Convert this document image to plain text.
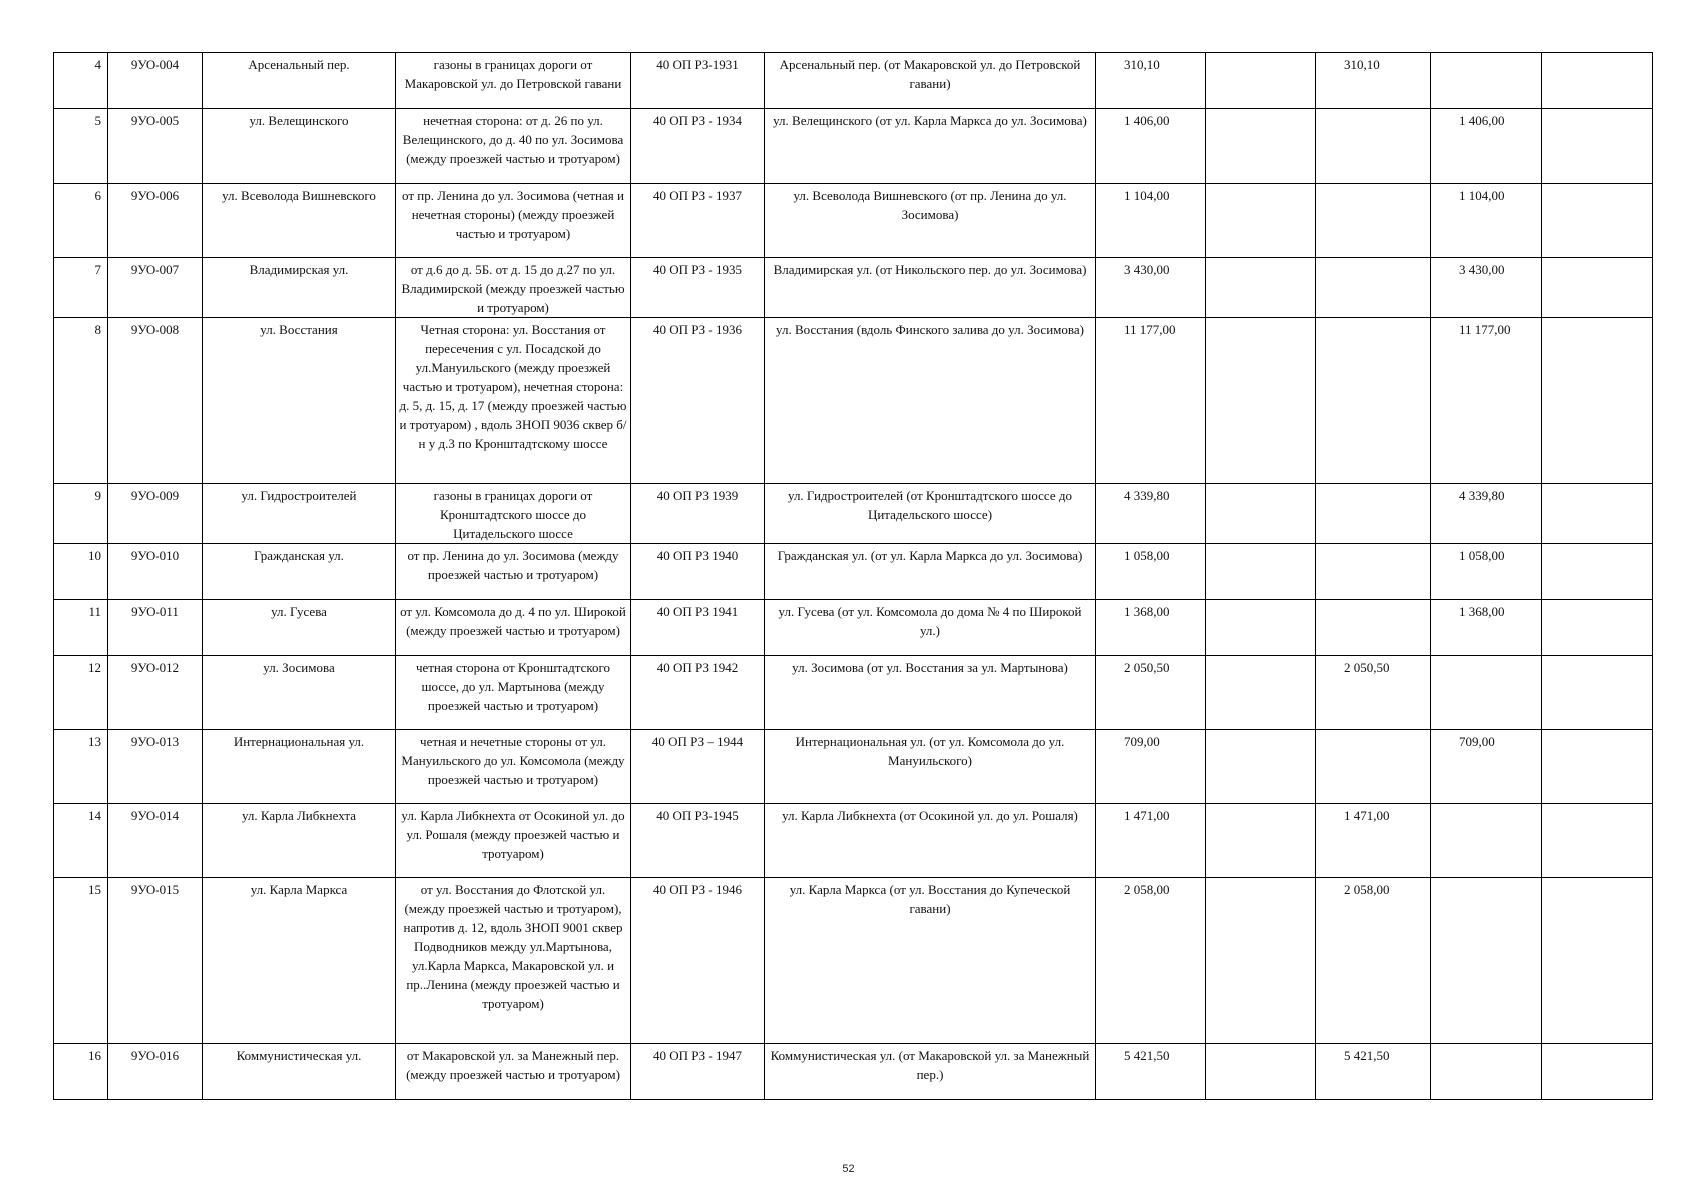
4	9УО-004	Арсенальный пер.	газоны в границах дороги от Макаровской ул. до Петровской гавани	40 ОП РЗ-1931	Арсенальный пер. (от Макаровской ул. до Петровской гавани)	310,10		310,10		
5	9УО-005	ул. Велещинского	нечетная сторона: от д. 26 по ул. Велещинского, до д. 40 по ул. Зосимова (между проезжей частью и тротуаром)	40 ОП РЗ - 1934	ул. Велещинского (от ул. Карла Маркса до ул. Зосимова)	1 406,00			1 406,00	
6	9УО-006	ул. Всеволода Вишневского	от пр. Ленина до ул. Зосимова (четная и нечетная стороны) (между проезжей частью и тротуаром)	40 ОП РЗ - 1937	ул. Всеволода Вишневского (от пр. Ленина до ул. Зосимова)	1 104,00			1 104,00	
7	9УО-007	Владимирская ул.	от д.6 до д. 5Б. от д. 15 до д.27 по ул. Владимирской (между проезжей частью и тротуаром)	40 ОП РЗ - 1935	Владимирская ул. (от Никольского пер. до ул. Зосимова)	3 430,00			3 430,00	
8	9УО-008	ул. Восстания	Четная сторона: ул. Восстания от пересечения с ул. Посадской до ул.Мануильского (между проезжей частью и тротуаром), нечетная сторона: д. 5, д. 15, д. 17 (между проезжей частью и тротуаром) , вдоль ЗНОП 9036 сквер б/н у д.3 по Кронштадтскому шоссе	40 ОП РЗ - 1936	ул. Восстания (вдоль Финского залива до ул. Зосимова)	11 177,00			11 177,00	
9	9УО-009	ул. Гидростроителей	газоны в границах дороги от Кронштадтского шоссе до Цитадельского шоссе	40 ОП РЗ 1939	ул. Гидростроителей (от Кронштадтского шоссе до Цитадельского шоссе)	4 339,80			4 339,80	
10	9УО-010	Гражданская ул.	от пр. Ленина до ул. Зосимова (между проезжей частью и тротуаром)	40 ОП РЗ 1940	Гражданская ул. (от ул. Карла Маркса до ул. Зосимова)	1 058,00			1 058,00	
11	9УО-011	ул. Гусева	от ул. Комсомола до д. 4 по ул. Широкой (между проезжей частью и тротуаром)	40 ОП РЗ 1941	ул. Гусева (от ул. Комсомола до дома № 4 по Широкой ул.)	1 368,00			1 368,00	
12	9УО-012	ул. Зосимова	четная сторона от Кронштадтского шоссе, до ул. Мартынова (между проезжей частью и тротуаром)	40 ОП РЗ 1942	ул. Зосимова (от ул. Восстания за ул. Мартынова)	2 050,50		2 050,50		
13	9УО-013	Интернациональная ул.	четная и нечетные стороны от ул. Мануильского до ул. Комсомола (между проезжей частью и тротуаром)	40 ОП РЗ – 1944	Интернациональная ул. (от ул. Комсомола до ул. Мануильского)	709,00			709,00	
14	9УО-014	ул. Карла Либкнехта	ул. Карла Либкнехта от Осокиной ул. до ул. Рошаля (между проезжей частью и тротуаром)	40 ОП РЗ-1945	ул. Карла Либкнехта (от Осокиной ул. до ул. Рошаля)	1 471,00		1 471,00		
15	9УО-015	ул. Карла Маркса	от ул. Восстания до Флотской ул. (между проезжей частью и тротуаром), напротив д. 12, вдоль ЗНОП 9001 сквер Подводников между ул.Мартынова, ул.Карла Маркса, Макаровской ул. и пр..Ленина (между проезжей частью и тротуаром)	40 ОП РЗ - 1946	ул. Карла Маркса (от ул. Восстания до Купеческой гавани)	2 058,00		2 058,00		
16	9УО-016	Коммунистическая ул.	от Макаровской ул. за Манежный пер. (между проезжей частью и тротуаром)	40 ОП РЗ - 1947	Коммунистическая ул. (от Макаровской ул. за Манежный пер.)	5 421,50		5 421,50		
52
